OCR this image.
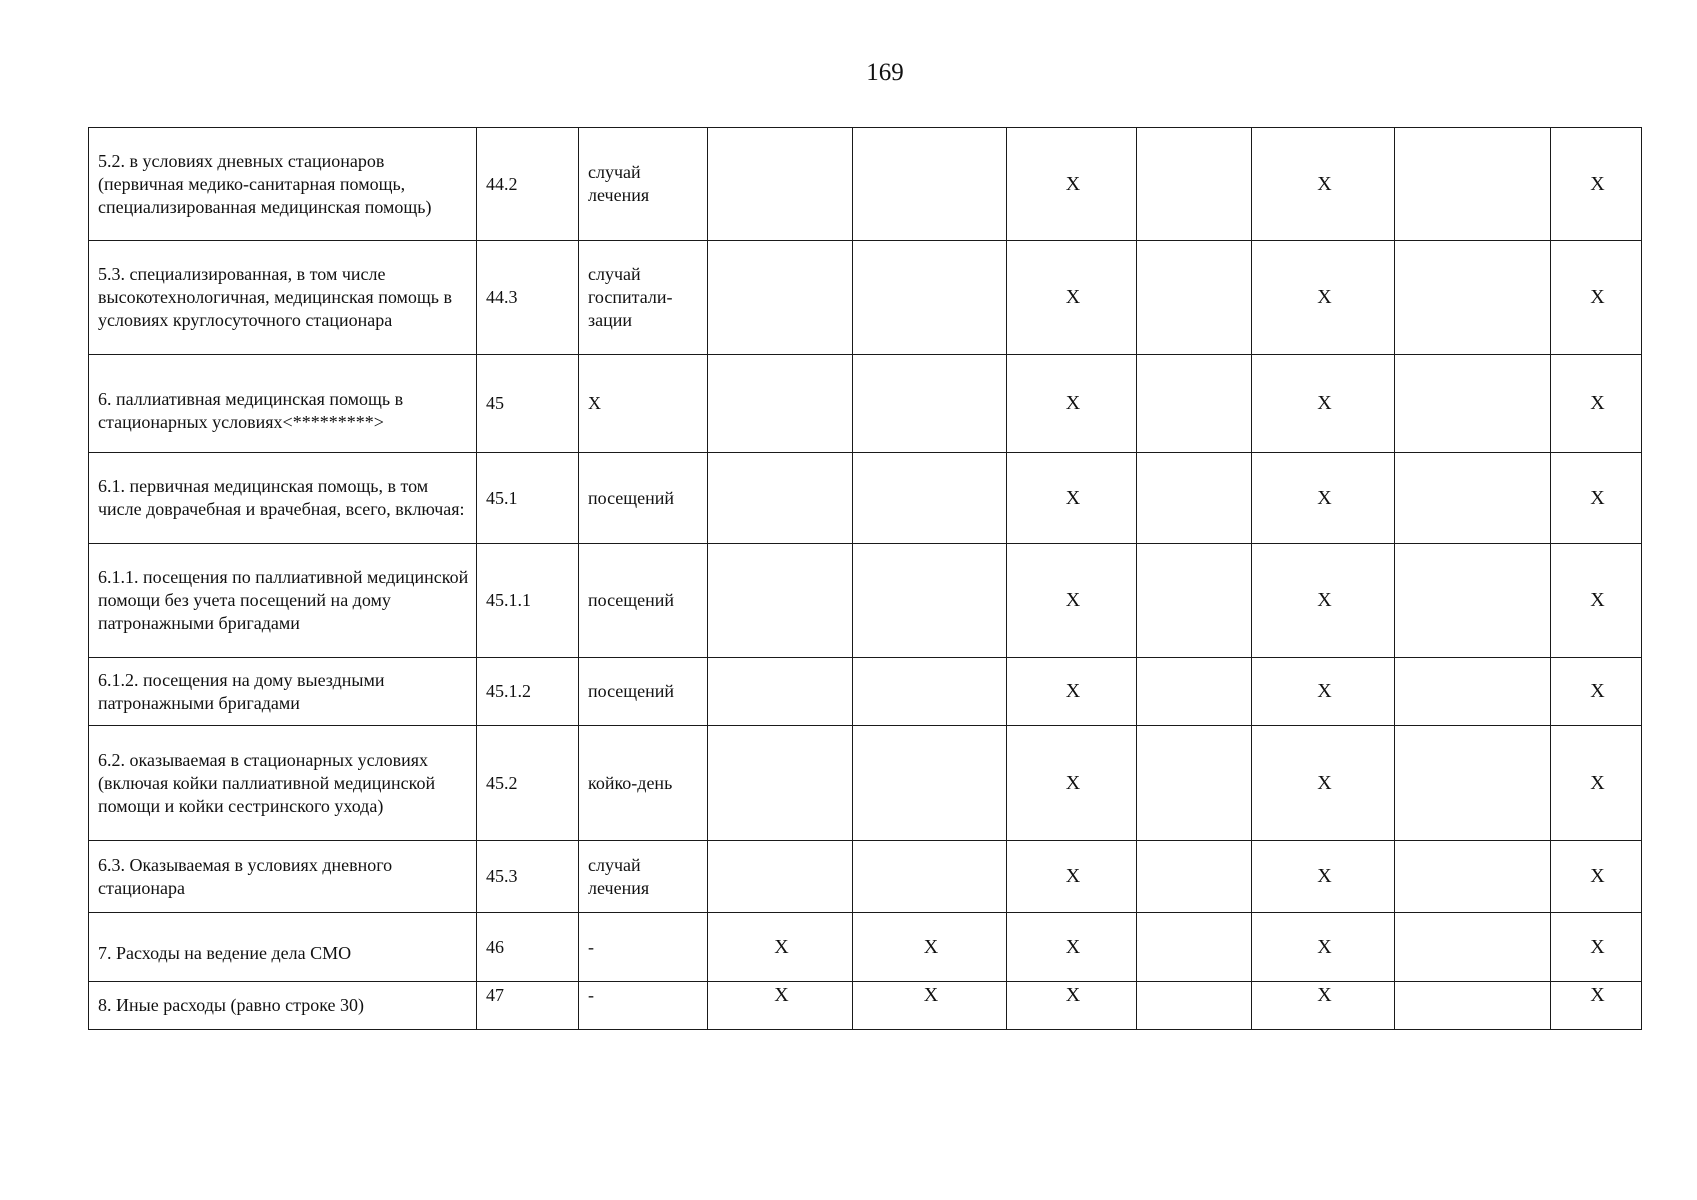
169
5.2. в условиях дневных стационаров (первичная медико-санитарная помощь, специализированная медицинская помощь)	44.2	случай лечения			X		X		X
5.3. специализированная, в том числе высокотехнологичная, медицинская помощь в условиях круглосуточного стационара	44.3	случай госпитали-зации			X		X		X
6. паллиативная медицинская помощь в стационарных условиях<*********>	45	X			X		X		X
6.1. первичная медицинская помощь, в том числе доврачебная и врачебная, всего, включая:	45.1	посещений			X		X		X
6.1.1. посещения по паллиативной медицинской помощи без учета посещений на дому патронажными бригадами	45.1.1	посещений			X		X		X
6.1.2. посещения на дому выездными патронажными бригадами	45.1.2	посещений			X		X		X
6.2. оказываемая в стационарных условиях (включая койки паллиативной медицинской помощи и койки сестринского ухода)	45.2	койко-день			X		X		X
6.3. Оказываемая в условиях дневного стационара	45.3	случай лечения			X		X		X
7. Расходы на ведение дела СМО	46	-	X	X	X		X		X
8. Иные расходы (равно строке 30)	47	-	X	X	X		X		X
